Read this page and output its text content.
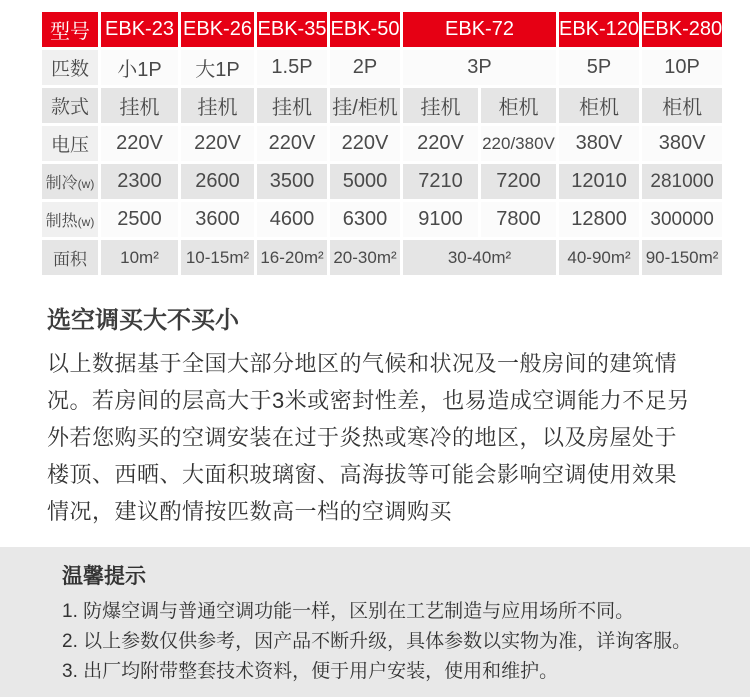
型号	EBK-23	EBK-26	EBK-35	EBK-50	EBK-72		EBK-120	EBK-280
匹数	小1P	大1P	1.5P	2P	3P		5P	10P
款式	挂机	挂机	挂机	挂/柜机	挂机	柜机	柜机	柜机
电压	220V	220V	220V	220V	220V	220/380V	380V	380V
制冷(w)	2300	2600	3500	5000	7210	7200	12010	281000
制热(w)	2500	3600	4600	6300	9100	7800	12800	300000
面积	10m²	10-15m²	16-20m²	20-30m²	30-40m²		40-90m²	90-150m²
选空调买大不买小
以上数据基于全国大部分地区的气候和状况及一般房间的建筑情
况。若房间的层高大于3米或密封性差，也易造成空调能力不足另
外若您购买的空调安装在过于炎热或寒冷的地区，以及房屋处于
楼顶、西晒、大面积玻璃窗、高海拔等可能会影响空调使用效果
情况，建议酌情按匹数高一档的空调购买
温馨提示
1. 防爆空调与普通空调功能一样，区别在工艺制造与应用场所不同。
2. 以上参数仅供参考，因产品不断升级，具体参数以实物为准，详询客服。
3. 出厂均附带整套技术资料，便于用户安装，使用和维护。
